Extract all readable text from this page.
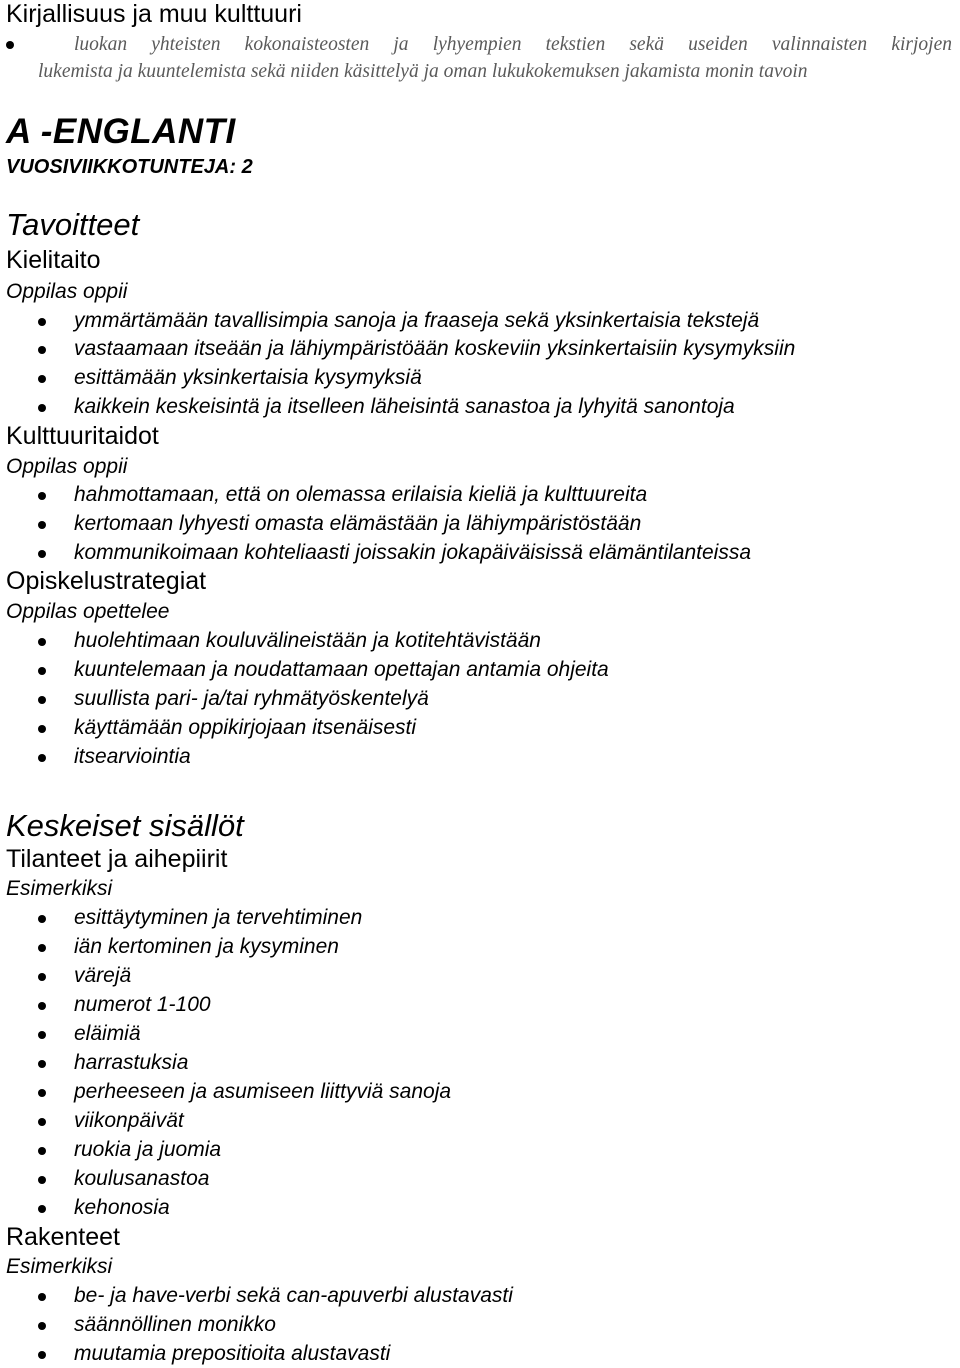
Kirjallisuus ja muu kulttuuri
luokan yhteisten kokonaisteosten ja lyhyempien tekstien sekä useiden valinnaisten kirjojen
lukemista ja kuuntelemista sekä niiden käsittelyä ja oman lukukokemuksen jakamista monin tavoin
A -ENGLANTI
VUOSIVIIKKOTUNTEJA: 2
Tavoitteet
Kielitaito
Oppilas oppii
ymmärtämään tavallisimpia sanoja ja fraaseja sekä yksinkertaisia tekstejä
vastaamaan itseään ja lähiympäristöään koskeviin yksinkertaisiin kysymyksiin
esittämään yksinkertaisia kysymyksiä
kaikkein keskeisintä ja itselleen läheisintä sanastoa ja lyhyitä sanontoja
Kulttuuritaidot
Oppilas oppii
hahmottamaan, että on olemassa erilaisia kieliä ja kulttuureita
kertomaan lyhyesti omasta elämästään ja lähiympäristöstään
kommunikoimaan kohteliaasti joissakin jokapäiväisissä elämäntilanteissa
Opiskelustrategiat
Oppilas opettelee
huolehtimaan kouluvälineistään ja kotitehtävistään
kuuntelemaan ja noudattamaan opettajan antamia ohjeita
suullista pari- ja/tai ryhmätyöskentelyä
käyttämään oppikirjojaan itsenäisesti
itsearviointia
Keskeiset sisällöt
Tilanteet ja aihepiirit
Esimerkiksi
esittäytyminen ja tervehtiminen
iän kertominen ja kysyminen
värejä
numerot 1-100
eläimiä
harrastuksia
perheeseen ja asumiseen liittyviä sanoja
viikonpäivät
ruokia ja juomia
koulusanastoa
kehonosia
Rakenteet
Esimerkiksi
be- ja have-verbi sekä can-apuverbi alustavasti
säännöllinen monikko
muutamia prepositioita alustavasti
